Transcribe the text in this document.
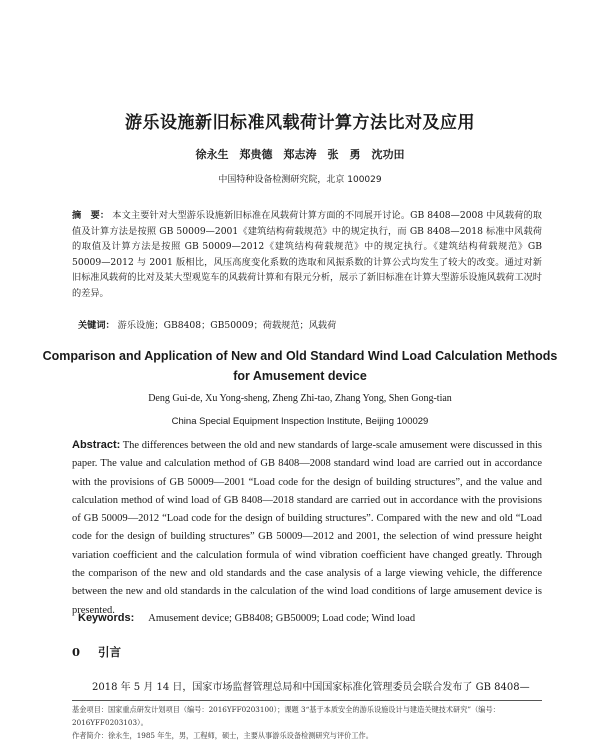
游乐设施新旧标准风载荷计算方法比对及应用
徐永生　郑贵德　郑志涛　张　勇　沈功田
中国特种设备检测研究院，北京 100029
摘　要： 本文主要针对大型游乐设施新旧标准在风载荷计算方面的不同展开讨论。GB 8408—2008 中风载荷的取值及计算方法是按照 GB 50009—2001《建筑结构荷载规范》中的规定执行，而 GB 8408—2018 标准中风载荷的取值及计算方法是按照 GB 50009—2012《建筑结构荷载规范》中的规定执行。《建筑结构荷载规范》GB 50009—2012 与 2001 版相比，风压高度变化系数的选取和风振系数的计算公式均发生了较大的改变。通过对新旧标准风载荷的比对及某大型观览车的风载荷计算和有限元分析，展示了新旧标准在计算大型游乐设施风载荷工况时的差异。
关键词： 游乐设施；GB8408；GB50009；荷载规范；风载荷
Comparison and Application of New and Old Standard Wind Load Calculation Methods for Amusement device
Deng Gui-de, Xu Yong-sheng, Zheng Zhi-tao, Zhang Yong, Shen Gong-tian
China Special Equipment Inspection Institute, Beijing 100029
Abstract: The differences between the old and new standards of large-scale amusement were discussed in this paper. The value and calculation method of GB 8408—2008 standard wind load are carried out in accordance with the provisions of GB 50009—2001 “Load code for the design of building structures”, and the value and calculation method of wind load of GB 8408—2018 standard are carried out in accordance with the provisions of GB 50009—2012 “Load code for the design of building structures”. Compared with the new and old “Load code for the design of building structures” GB 50009—2012 and 2001, the selection of wind pressure height variation coefficient and the calculation formula of wind vibration coefficient have changed greatly. Through the comparison of the new and old standards and the case analysis of a large viewing vehicle, the difference between the new and old standards in the calculation of the wind load conditions of large amusement device is presented.
Keywords: Amusement device; GB8408; GB50009; Load code; Wind load
0 引言
2018 年 5 月 14 日，国家市场监督管理总局和中国国家标准化管理委员会联合发布了 GB 8408—
基金项目：国家重点研发计划项目（编号：2016YFF0203100）；课题 3“基于本质安全的游乐设施设计与建造关键技术研究”（编号：2016YFF0203103）。
作者简介：徐永生，1985 年生，男，工程师，硕士，主要从事游乐设备检测研究与评价工作。
